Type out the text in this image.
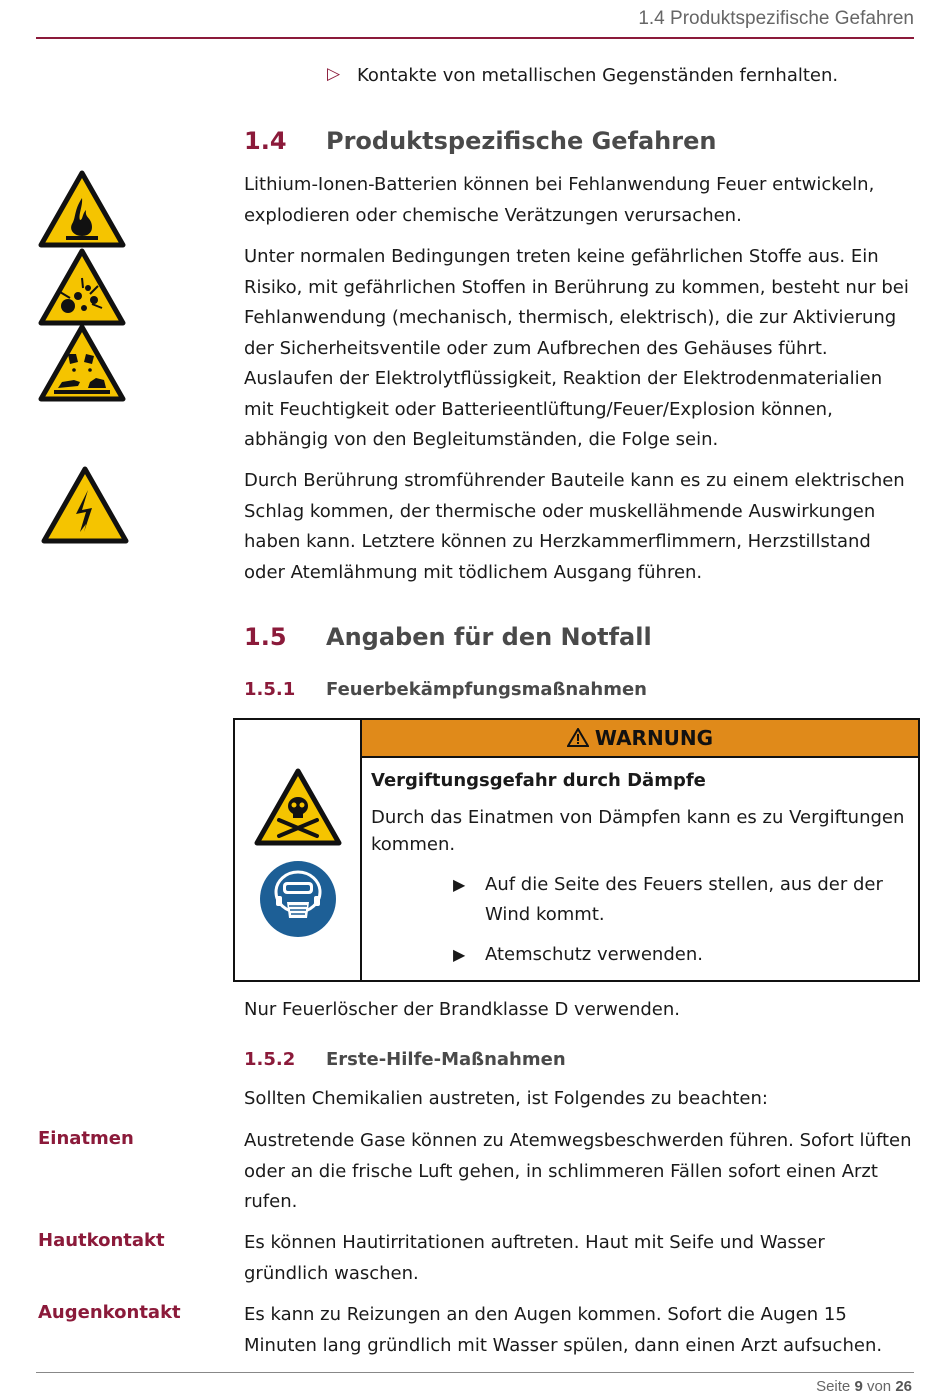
1.4 Produktspezifische Gefahren
▷ Kontakte von metallischen Gegenständen fernhalten.
1.4 Produktspezifische Gefahren
Lithium-Ionen-Batterien können bei Fehlanwendung Feuer entwickeln, explodieren oder chemische Verätzungen verursachen.
Unter normalen Bedingungen treten keine gefährlichen Stoffe aus. Ein Risiko, mit gefährlichen Stoffen in Berührung zu kommen, besteht nur bei Fehlanwendung (mechanisch, thermisch, elektrisch), die zur Aktivierung der Sicherheitsventile oder zum Aufbrechen des Gehäuses führt. Auslaufen der Elektrolytflüssigkeit, Reaktion der Elektrodenmaterialien mit Feuchtigkeit oder Batterieentlüftung/Feuer/Explosion können, abhängig von den Begleitumständen, die Folge sein.
Durch Berührung stromführender Bauteile kann es zu einem elektrischen Schlag kommen, der thermische oder muskellähmende Auswirkungen haben kann. Letztere können zu Herzkammerflimmern, Herzstillstand oder Atemlähmung mit tödlichem Ausgang führen.
1.5 Angaben für den Notfall
1.5.1 Feuerbekämpfungsmaßnahmen
WARNUNG
Vergiftungsgefahr durch Dämpfe
Durch das Einatmen von Dämpfen kann es zu Vergiftungen kommen.
▶ Auf die Seite des Feuers stellen, aus der der Wind kommt.
▶ Atemschutz verwenden.
Nur Feuerlöscher der Brandklasse D verwenden.
1.5.2 Erste-Hilfe-Maßnahmen
Sollten Chemikalien austreten, ist Folgendes zu beachten:
Einatmen	Austretende Gase können zu Atemwegsbeschwerden führen. Sofort lüften oder an die frische Luft gehen, in schlimmeren Fällen sofort einen Arzt rufen.
Hautkontakt	Es können Hautirritationen auftreten. Haut mit Seife und Wasser gründlich waschen.
Augenkontakt	Es kann zu Reizungen an den Augen kommen. Sofort die Augen 15 Minuten lang gründlich mit Wasser spülen, dann einen Arzt aufsuchen.
Seite 9 von 26
